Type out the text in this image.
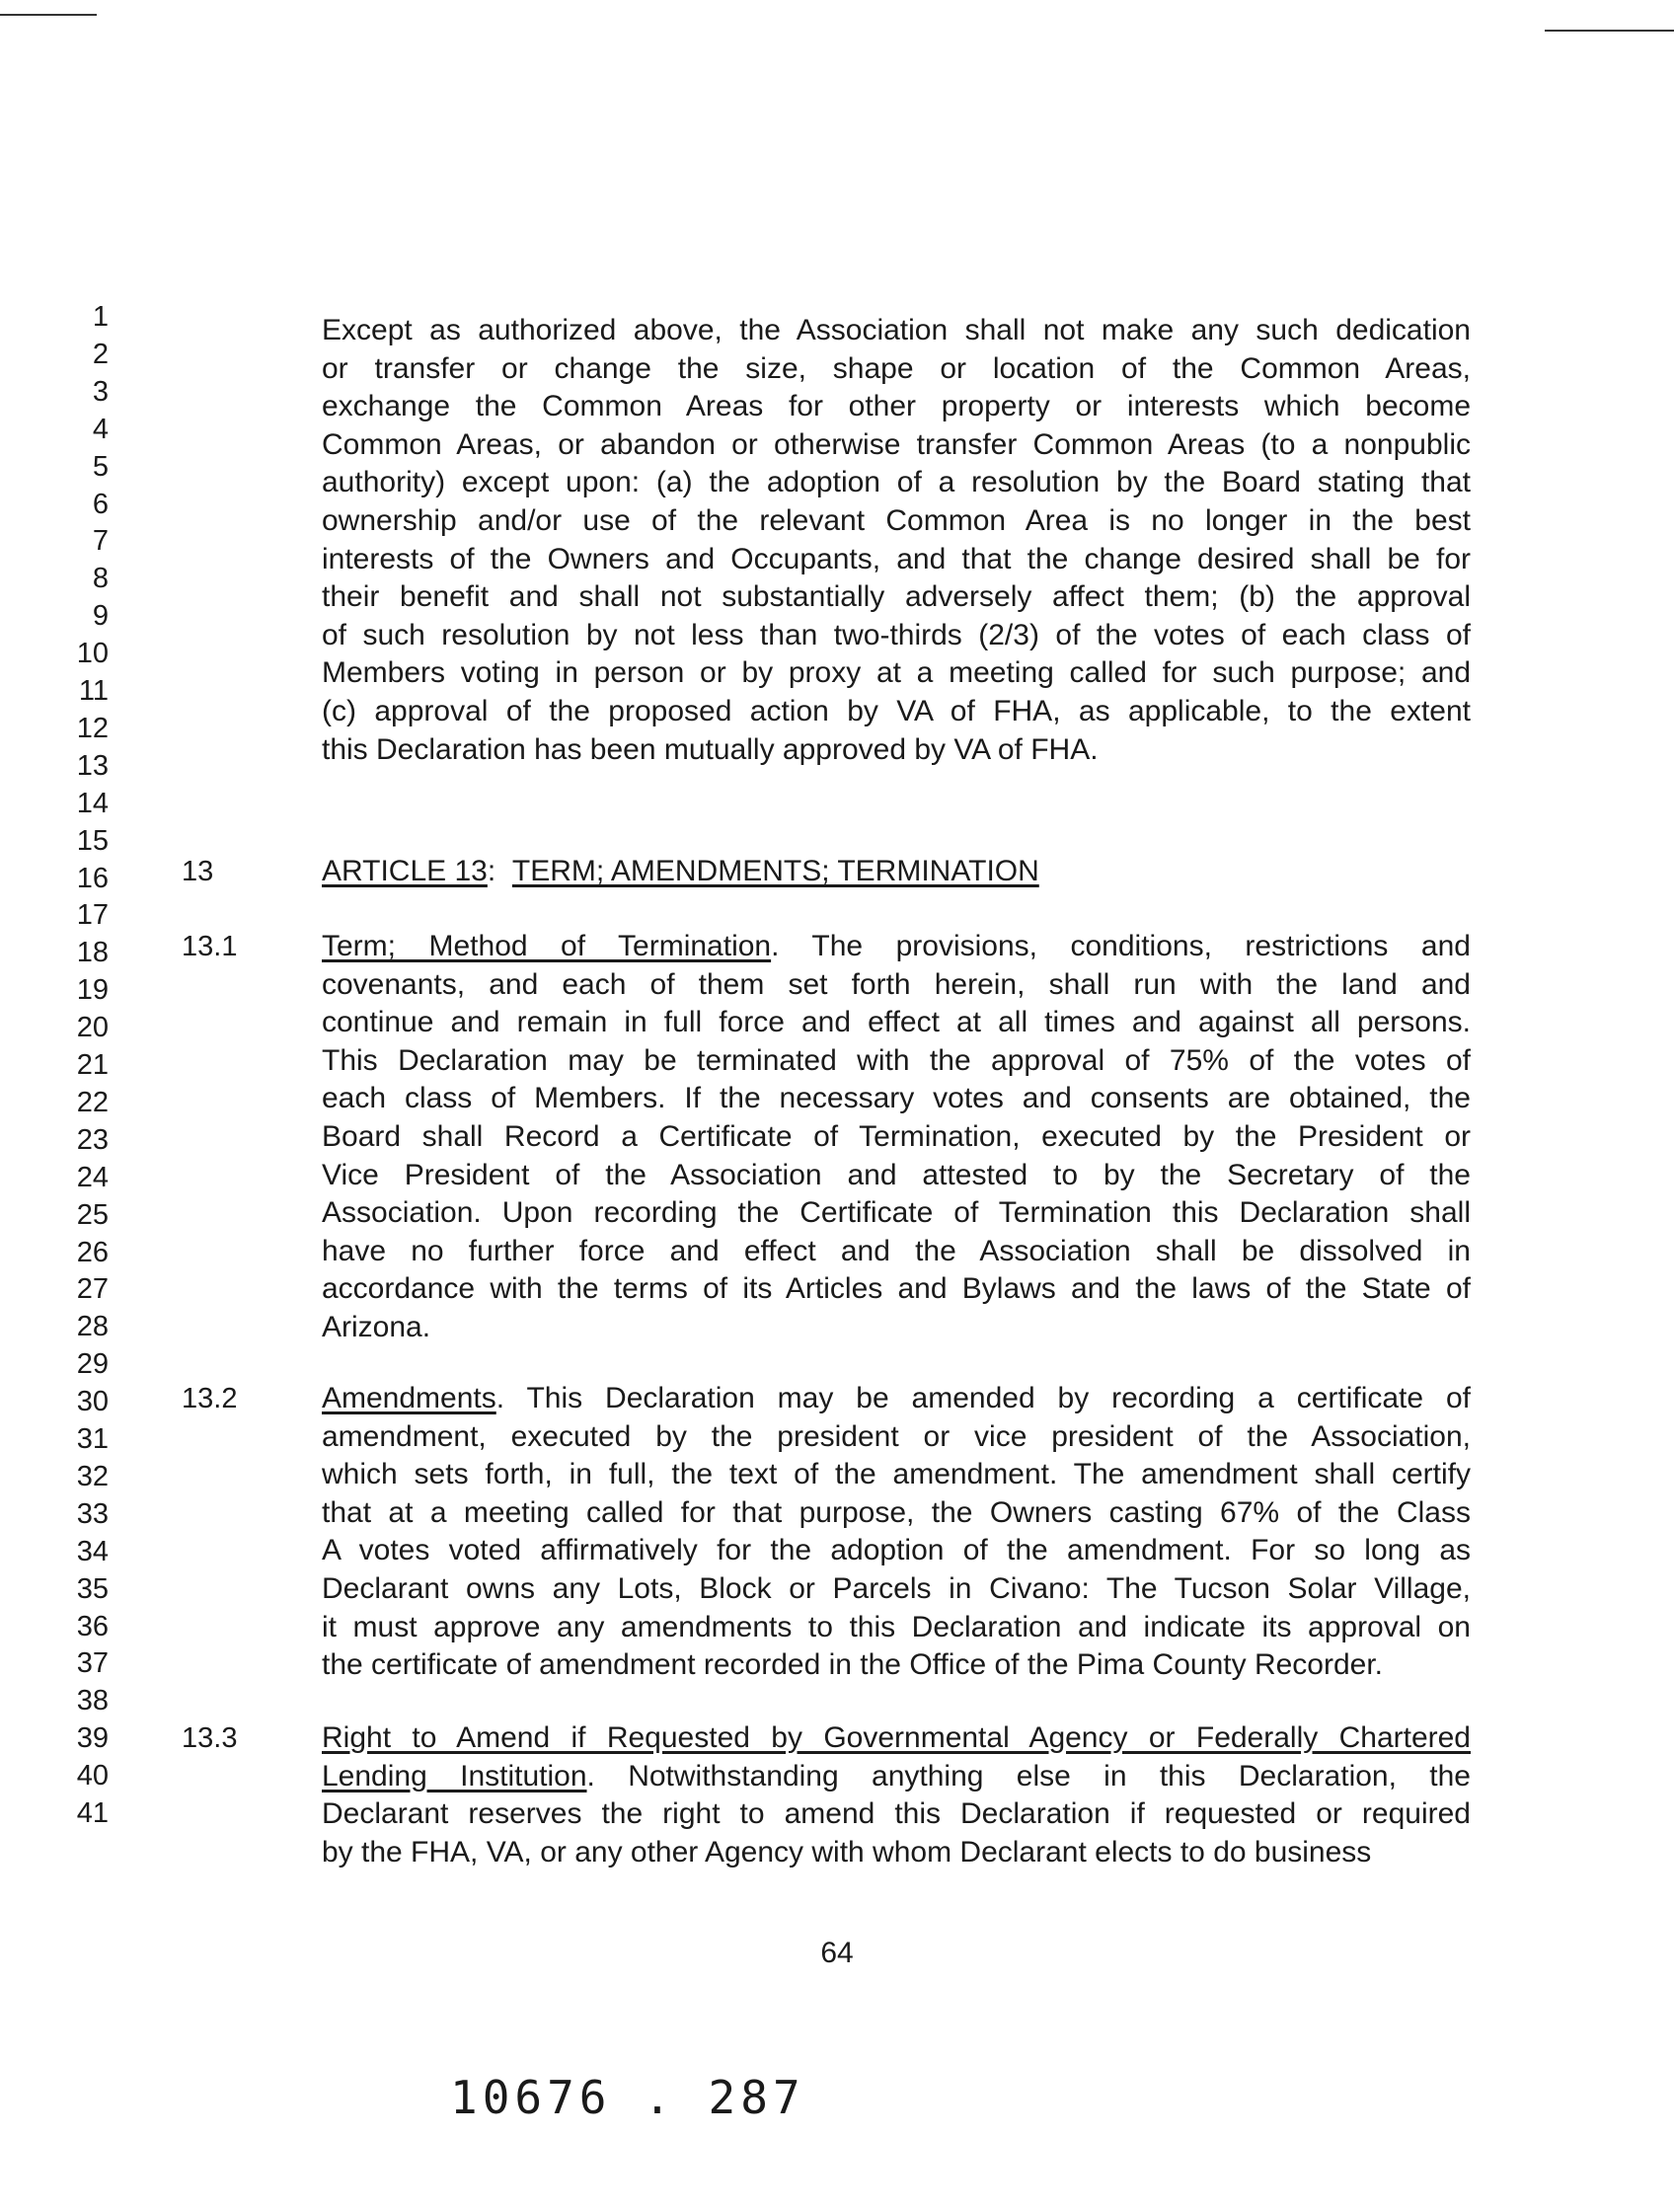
1
2
3
4
5
6
7
8
9
10
11
12
13
14
15
16
17
18
19
20
21
22
23
24
25
26
27
28
29
30
31
32
33
34
35
36
37
38
39
40
41
Except as authorized above, the Association shall not make any such dedication
or transfer or change the size, shape or location of the Common Areas,
exchange the Common Areas for other property or interests which become
Common Areas, or abandon or otherwise transfer Common Areas (to a nonpublic
authority) except upon: (a) the adoption of a resolution by the Board stating that
ownership and/or use of the relevant Common Area is no longer in the best
interests of the Owners and Occupants, and that the change desired shall be for
their benefit and shall not substantially adversely affect them; (b) the approval
of such resolution by not less than two-thirds (2/3) of the votes of each class of
Members voting in person or by proxy at a meeting called for such purpose; and
(c) approval of the proposed action by VA of FHA, as applicable, to the extent
this Declaration has been mutually approved by VA of FHA.
13	ARTICLE 13: TERM; AMENDMENTS; TERMINATION
13.1	Term; Method of Termination. The provisions, conditions, restrictions and
covenants, and each of them set forth herein, shall run with the land and
continue and remain in full force and effect at all times and against all persons.
This Declaration may be terminated with the approval of 75% of the votes of
each class of Members. If the necessary votes and consents are obtained, the
Board shall Record a Certificate of Termination, executed by the President or
Vice President of the Association and attested to by the Secretary of the
Association. Upon recording the Certificate of Termination this Declaration shall
have no further force and effect and the Association shall be dissolved in
accordance with the terms of its Articles and Bylaws and the laws of the State of
Arizona.
13.2	Amendments. This Declaration may be amended by recording a certificate of
amendment, executed by the president or vice president of the Association,
which sets forth, in full, the text of the amendment. The amendment shall certify
that at a meeting called for that purpose, the Owners casting 67% of the Class
A votes voted affirmatively for the adoption of the amendment. For so long as
Declarant owns any Lots, Block or Parcels in Civano: The Tucson Solar Village,
it must approve any amendments to this Declaration and indicate its approval on
the certificate of amendment recorded in the Office of the Pima County Recorder.
13.3	Right to Amend if Requested by Governmental Agency or Federally Chartered
Lending Institution. Notwithstanding anything else in this Declaration, the
Declarant reserves the right to amend this Declaration if requested or required
by the FHA, VA, or any other Agency with whom Declarant elects to do business
64
10676 . 287
